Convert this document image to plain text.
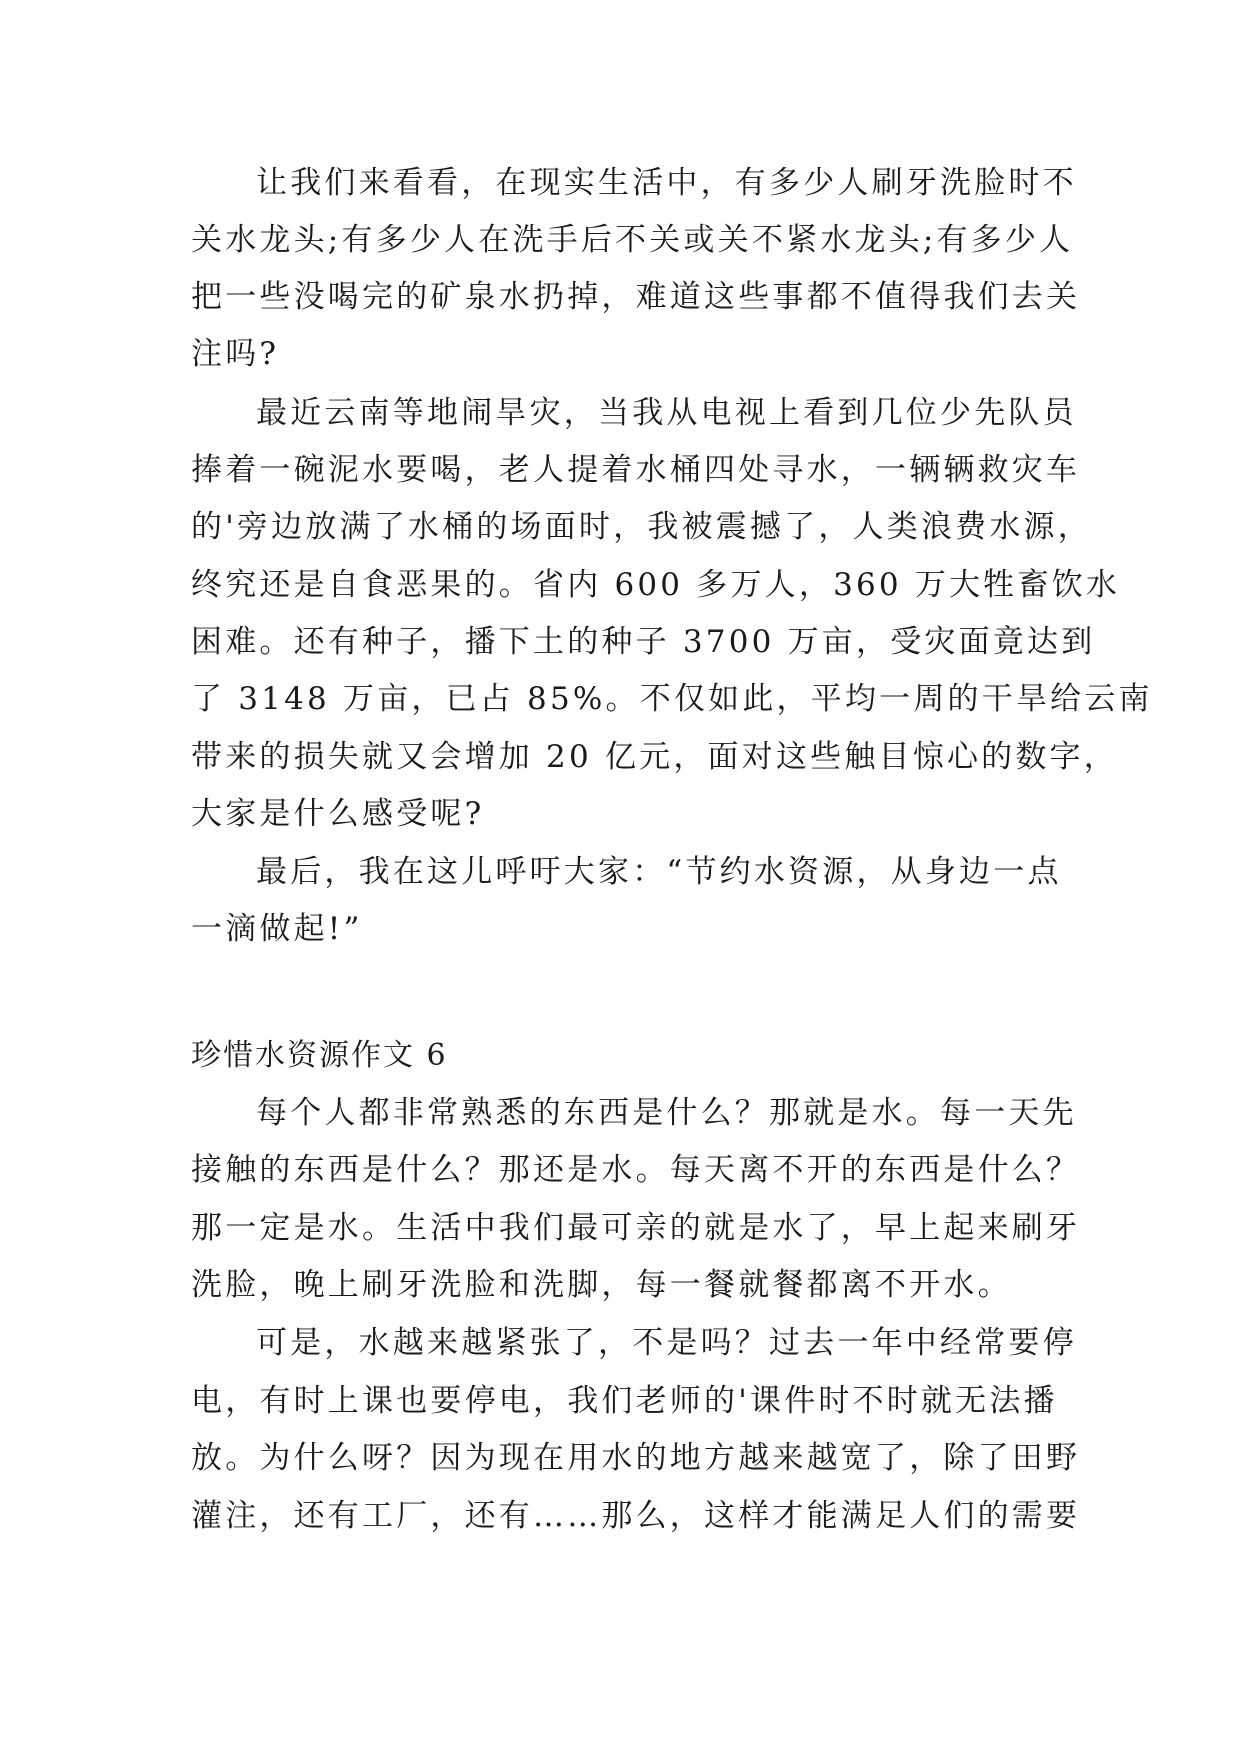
让我们来看看，在现实生活中，有多少人刷牙洗脸时不
关水龙头;有多少人在洗手后不关或关不紧水龙头;有多少人
把一些没喝完的矿泉水扔掉，难道这些事都不值得我们去关
注吗?
最近云南等地闹旱灾，当我从电视上看到几位少先队员
捧着一碗泥水要喝，老人提着水桶四处寻水，一辆辆救灾车
的'旁边放满了水桶的场面时，我被震撼了，人类浪费水源，
终究还是自食恶果的。省内 600 多万人，360 万大牲畜饮水
困难。还有种子，播下土的种子 3700 万亩，受灾面竟达到
了 3148 万亩，已占 85%。不仅如此，平均一周的干旱给云南
带来的损失就又会增加 20 亿元，面对这些触目惊心的数字，
大家是什么感受呢?
最后，我在这儿呼吁大家：“节约水资源，从身边一点
一滴做起!”
珍惜水资源作文 6
每个人都非常熟悉的东西是什么？那就是水。每一天先
接触的东西是什么？那还是水。每天离不开的东西是什么？
那一定是水。生活中我们最可亲的就是水了，早上起来刷牙
洗脸，晚上刷牙洗脸和洗脚，每一餐就餐都离不开水。
可是，水越来越紧张了，不是吗？过去一年中经常要停
电，有时上课也要停电，我们老师的'课件时不时就无法播
放。为什么呀？因为现在用水的地方越来越宽了，除了田野
灌注，还有工厂，还有……那么，这样才能满足人们的需要
